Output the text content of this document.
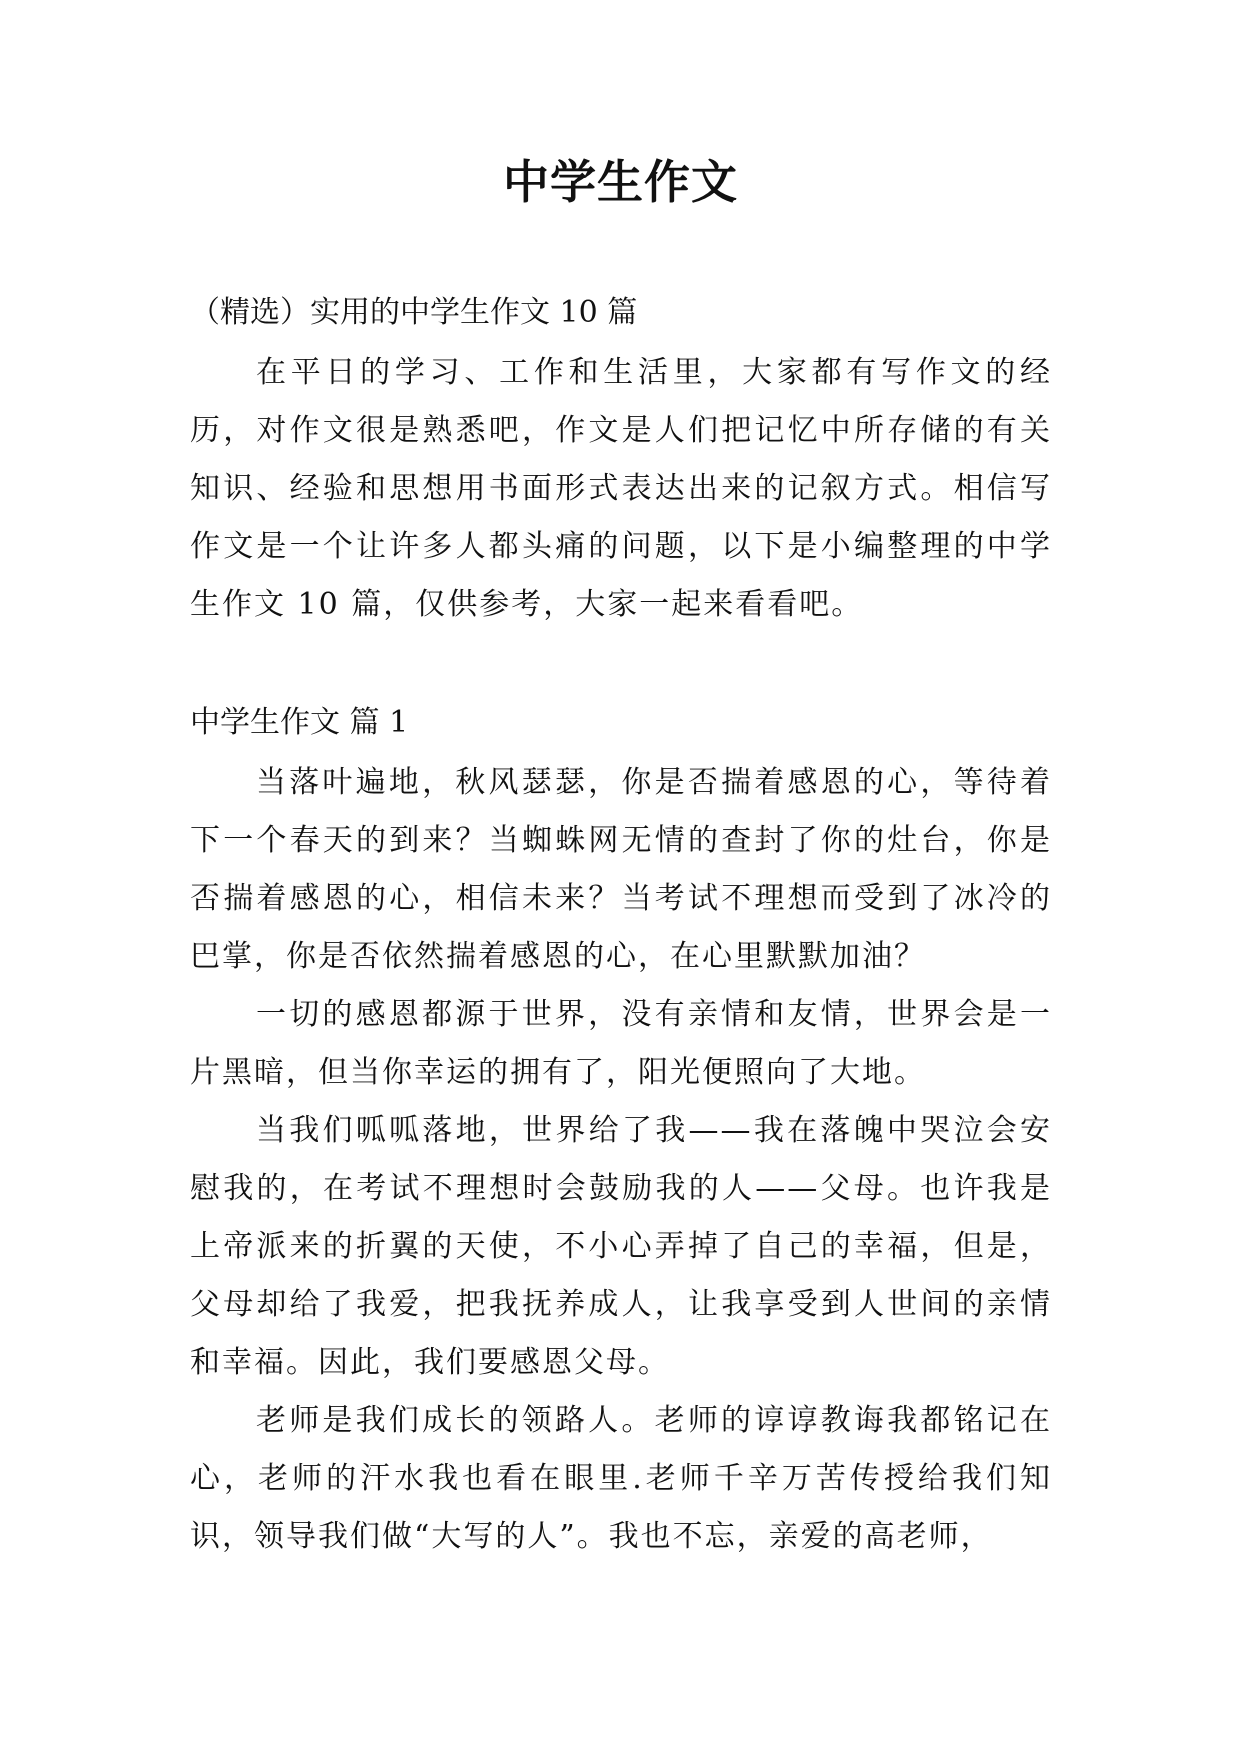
中学生作文
（精选）实用的中学生作文 10 篇

在平日的学习、工作和生活里，大家都有写作文的经历，对作文很是熟悉吧，作文是人们把记忆中所存储的有关知识、经验和思想用书面形式表达出来的记叙方式。相信写作文是一个让许多人都头痛的问题，以下是小编整理的中学生作文 10 篇，仅供参考，大家一起来看看吧。

中学生作文 篇 1

当落叶遍地，秋风瑟瑟，你是否揣着感恩的心，等待着下一个春天的到来？当蜘蛛网无情的查封了你的灶台，你是否揣着感恩的心，相信未来？当考试不理想而受到了冰冷的巴掌，你是否依然揣着感恩的心，在心里默默加油？

一切的感恩都源于世界，没有亲情和友情，世界会是一片黑暗，但当你幸运的拥有了，阳光便照向了大地。

当我们呱呱落地，世界给了我——我在落魄中哭泣会安慰我的，在考试不理想时会鼓励我的人——父母。也许我是上帝派来的折翼的天使，不小心弄掉了自己的幸福，但是，父母却给了我爱，把我抚养成人，让我享受到人世间的亲情和幸福。因此，我们要感恩父母。

老师是我们成长的领路人。老师的谆谆教诲我都铭记在心，老师的汗水我也看在眼里.老师千辛万苦传授给我们知识，领导我们做“大写的人”。我也不忘，亲爱的高老师，
